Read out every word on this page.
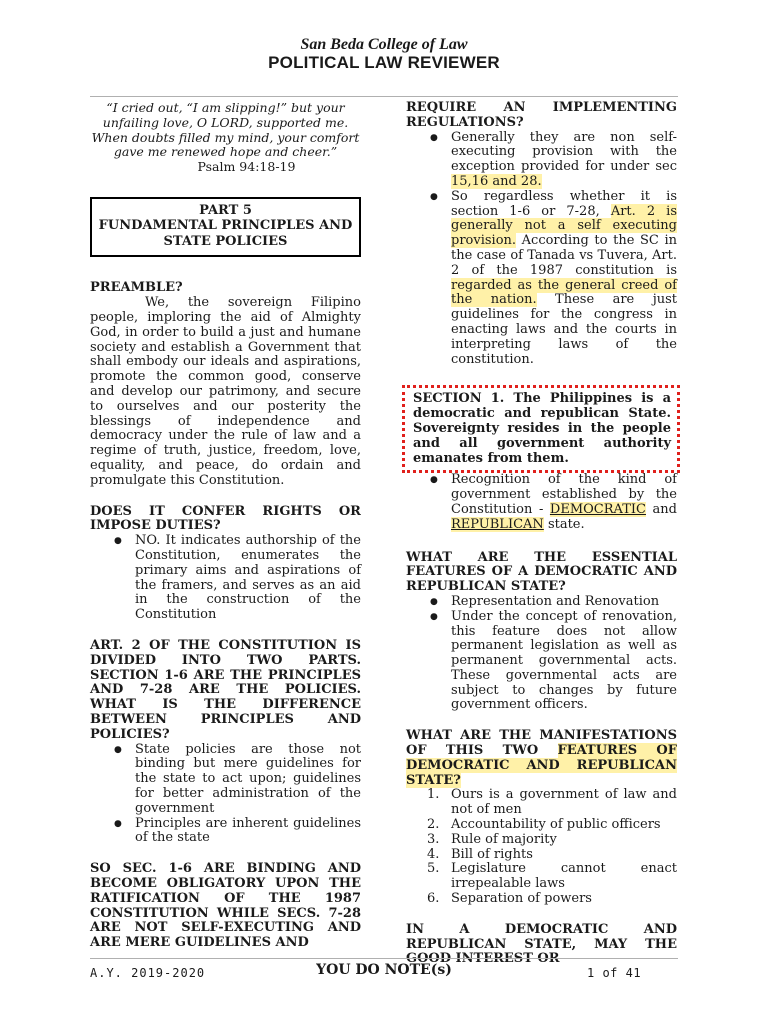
San Beda College of Law
POLITICAL LAW REVIEWER
“I cried out, “I am slipping!” but your
unfailing love, O LORD, supported me.
When doubts filled my mind, your comfort
gave me renewed hope and cheer.”
Psalm 94:18-19
PART 5
FUNDAMENTAL PRINCIPLES AND STATE POLICIES
PREAMBLE?
We, the sovereign Filipino people, imploring the aid of Almighty God, in order to build a just and humane society and establish a Government that shall embody our ideals and aspirations, promote the common good, conserve and develop our patrimony, and secure to ourselves and our posterity the blessings of independence and democracy under the rule of law and a regime of truth, justice, freedom, love, equality, and peace, do ordain and promulgate this Constitution.
DOES IT CONFER RIGHTS OR IMPOSE DUTIES?
● NO. It indicates authorship of the Constitution, enumerates the primary aims and aspirations of the framers, and serves as an aid in the construction of the Constitution
ART. 2 OF THE CONSTITUTION IS DIVIDED INTO TWO PARTS. SECTION 1-6 ARE THE PRINCIPLES AND 7-28 ARE THE POLICIES. WHAT IS THE DIFFERENCE BETWEEN PRINCIPLES AND POLICIES?
● State policies are those not binding but mere guidelines for the state to act upon; guidelines for better administration of the government
● Principles are inherent guidelines of the state
SO SEC. 1-6 ARE BINDING AND BECOME OBLIGATORY UPON THE RATIFICATION OF THE 1987 CONSTITUTION WHILE SECS. 7-28 ARE NOT SELF-EXECUTING AND ARE MERE GUIDELINES AND
REQUIRE AN IMPLEMENTING REGULATIONS?
● Generally they are non self-executing provision with the exception provided for under sec 15,16 and 28.
● So regardless whether it is section 1-6 or 7-28, Art. 2 is generally not a self executing provision. According to the SC in the case of Tanada vs Tuvera, Art. 2 of the 1987 constitution is regarded as the general creed of the nation. These are just guidelines for the congress in enacting laws and the courts in interpreting laws of the constitution.
SECTION 1. The Philippines is a democratic and republican State. Sovereignty resides in the people and all government authority emanates from them.
● Recognition of the kind of government established by the Constitution - DEMOCRATIC and REPUBLICAN state.
WHAT ARE THE ESSENTIAL FEATURES OF A DEMOCRATIC AND REPUBLICAN STATE?
● Representation and Renovation
● Under the concept of renovation, this feature does not allow permanent legislation as well as permanent governmental acts. These governmental acts are subject to changes by future government officers.
WHAT ARE THE MANIFESTATIONS OF THIS TWO FEATURES OF DEMOCRATIC AND REPUBLICAN STATE?
1. Ours is a government of law and not of men
2. Accountability of public officers
3. Rule of majority
4. Bill of rights
5. Legislature cannot enact irrepealable laws
6. Separation of powers
IN A DEMOCRATIC AND REPUBLICAN STATE, MAY THE GOOD INTEREST OR
A.Y. 2019-2020	YOU DO NOTE(s)	1 of 41
